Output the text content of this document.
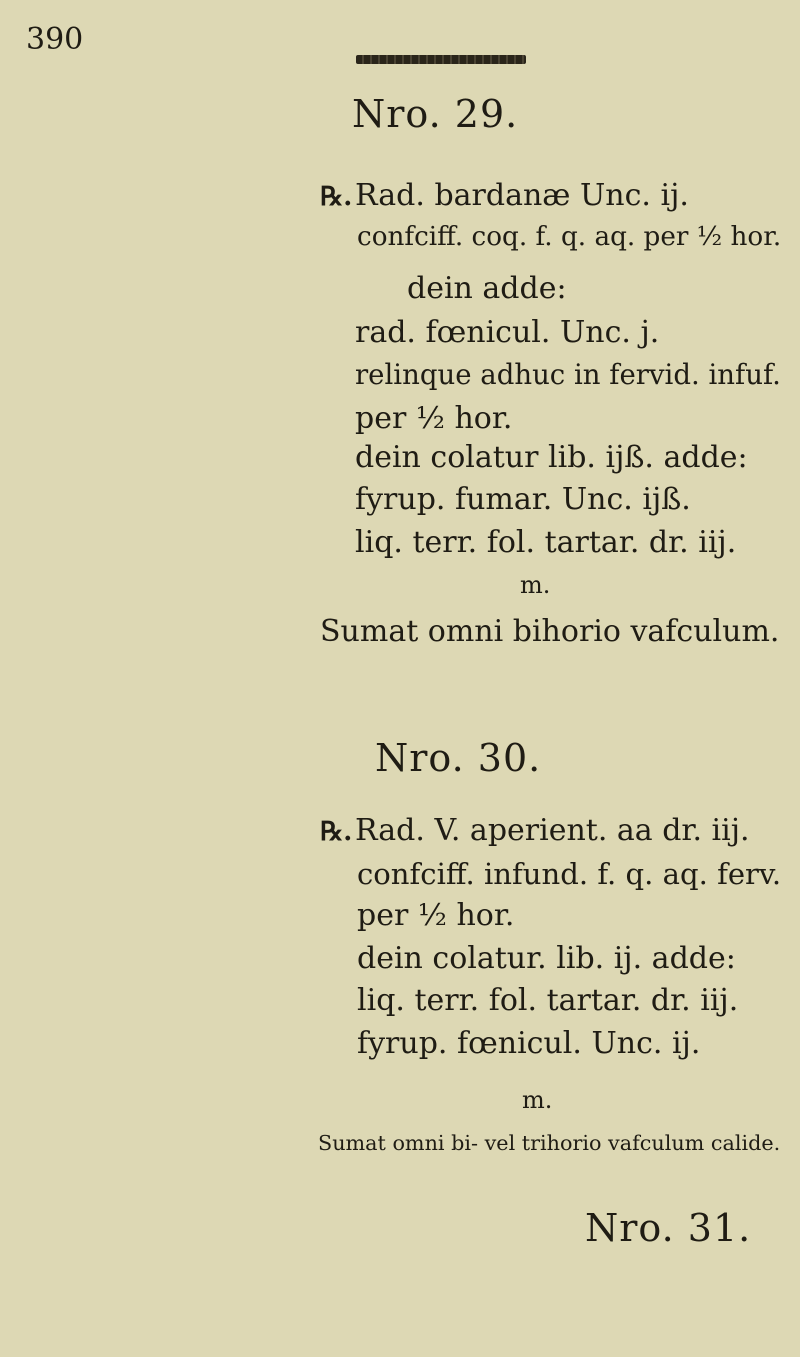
390
Nro. 29.
℞. Rad. bardanæ Unc. ij.
confciff. coq. f. q. aq. per ½ hor.
dein adde:
rad. fœnicul. Unc. j.
relinque adhuc in fervid. infuf.
per ½ hor.
dein colatur lib. ijß. adde:
fyrup. fumar. Unc. ijß.
liq. terr. fol. tartar. dr. iij.
m.
Sumat omni bihorio vafculum.
Nro. 30.
℞. Rad. V. aperient. aa dr. iij.
confciff. infund. f. q. aq. ferv.
per ½ hor.
dein colatur. lib. ij. adde:
liq. terr. fol. tartar. dr. iij.
fyrup. fœnicul. Unc. ij.
m.
Sumat omni bi- vel trihorio vafculum calide.
Nro. 31.
